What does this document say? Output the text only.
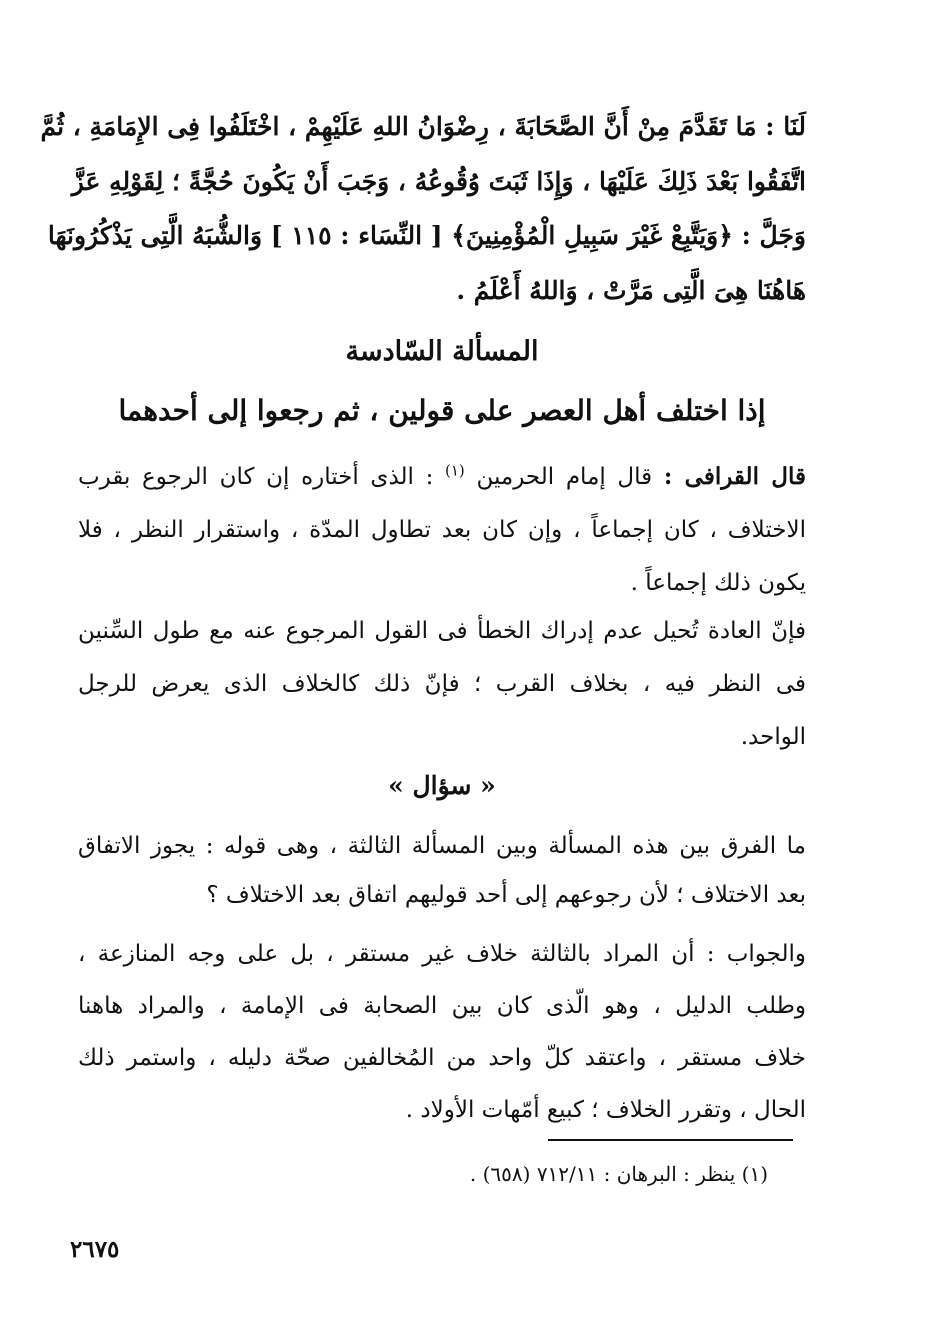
لَنَا : مَا تَقَدَّمَ مِنْ أَنَّ الصَّحَابَةَ ، رِضْوَانُ اللهِ عَلَيْهِمْ ، اخْتَلَفُوا فِى الإِمَامَةِ ، ثُمَّ
اتَّفَقُوا بَعْدَ ذَلِكَ عَلَيْهَا ، وَإِذَا ثَبَتَ وُقُوعُهُ ، وَجَبَ أَنْ يَكُونَ حُجَّةً ؛ لِقَوْلِهِ عَزَّ
وَجَلَّ : ﴿وَيَتَّبِعْ غَيْرَ سَبِيلِ الْمُؤْمِنِينَ﴾ [ النِّسَاء : ١١٥ ] وَالشُّبَهُ الَّتِى يَذْكُرُونَهَا
هَاهُنَا هِىَ الَّتِى مَرَّتْ ، وَاللهُ أَعْلَمُ .
المسألة السّادسة
إذا اختلف أهل العصر على قولين ، ثم رجعوا إلى أحدهما
قال القرافى : قال إمام الحرمين $^{(١)}$ : الذى أختاره إن كان الرجوع بقرب
الاختلاف ، كان إجماعاً ، وإن كان بعد تطاول المدّة ، واستقرار النظر ، فلا
يكون ذلك إجماعاً .
فإنّ العادة تُحيل عدم إدراك الخطأ فى القول المرجوع عنه مع طول السِّنين
فى النظر فيه ، بخلاف القرب ؛ فإنّ ذلك كالخلاف الذى يعرض للرجل
الواحد.
« سؤال »
ما الفرق بين هذه المسألة وبين المسألة الثالثة ، وهى قوله : يجوز الاتفاق
بعد الاختلاف ؛ لأن رجوعهم إلى أحد قوليهم اتفاق بعد الاختلاف ؟
والجواب : أن المراد بالثالثة خلاف غير مستقر ، بل على وجه المنازعة ،
وطلب الدليل ، وهو الّذى كان بين الصحابة فى الإمامة ، والمراد هاهنا
خلاف مستقر ، واعتقد كلّ واحد من المُخالفين صحّة دليله ، واستمر ذلك
الحال ، وتقرر الخلاف ؛ كبيع أمّهات الأولاد .
(١) ينظر : البرهان : ٧١٢/١١ (٦٥٨) .
٢٦٧٥
